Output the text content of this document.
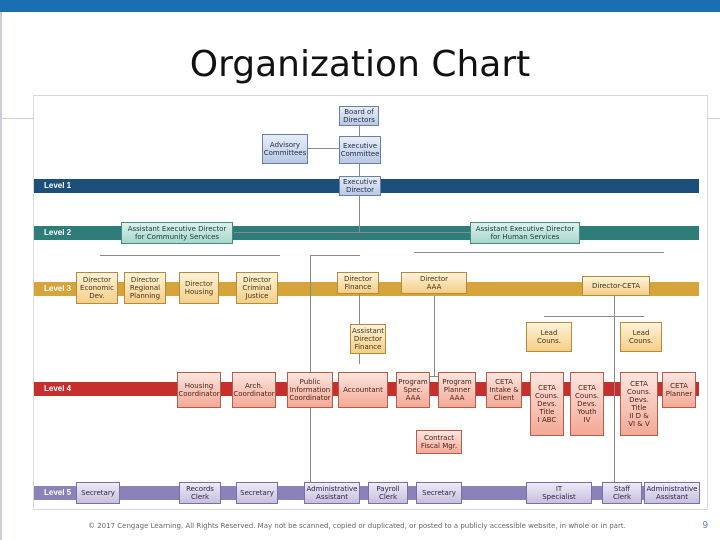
Organization Chart
Level 1
Level 2
Level 3
Level 4
Level 5
Board of
Directors
Advisory
Committees
Executive
Committee
Executive
Director
Assistant Executive Director
for Community Services
Assistant Executive Director
for Human Services
Director
Economic
Dev.
Director
Regional
Planning
Director
Housing
Director
Criminal
Justice
Director
Finance
Director
AAA	Director-CETA
Assistant
Director
Finance
Lead
Couns.
Lead
Couns.
Housing
Coordinator
Arch.
Coordinator
Public
Information
Coordinator
Accountant
Program
Spec.
AAA
Program
Planner
AAA
CETA
Intake &
Client
CETA
Couns.
Devs.
Title
I ABC
CETA
Couns.
Devs.
Youth
IV
CETA
Couns.
Devs.
Title
II D &
VI & V
CETA
Planner
Contract
Fiscal Mgr.
Secretary	Records
Clerk	Secretary	Administrative
Assistant
Payroll
Clerk	Secretary	IT
Specialist
Staff
Clerk
Administrative
Assistant
© 2017 Cengage Learning. All Rights Reserved. May not be scanned, copied or duplicated, or posted to a publicly accessible website, in whole or in part.	9
